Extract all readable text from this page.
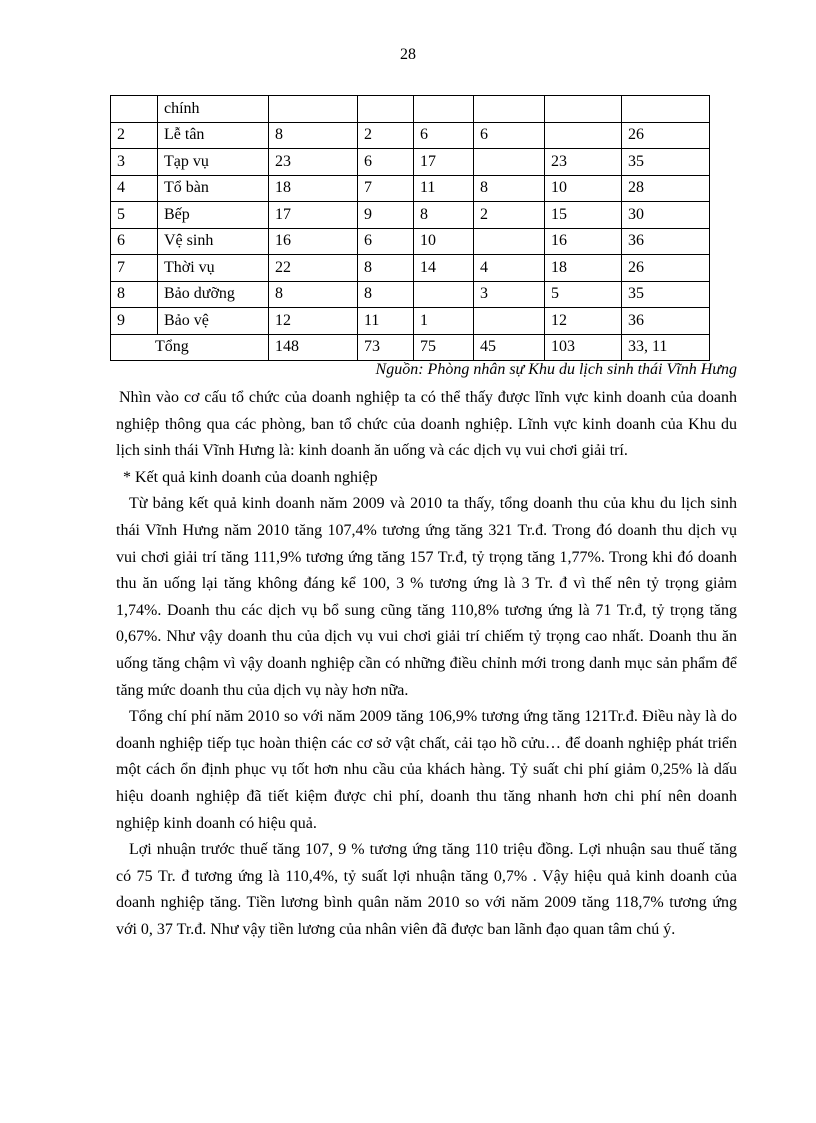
28
	chính						
2	Lễ tân	8	2	6	6		26
3	Tạp vụ	23	6	17		23	35
4	Tổ bàn	18	7	11	8	10	28
5	Bếp	17	9	8	2	15	30
6	Vệ sinh	16	6	10		16	36
7	Thời vụ	22	8	14	4	18	26
8	Bảo dưỡng	8	8		3	5	35
9	Bảo vệ	12	11	1		12	36
Tổng		148	73	75	45	103	33, 11
Nguồn: Phòng nhân sự Khu du lịch sinh thái Vĩnh Hưng

Nhìn vào cơ cấu tổ chức của doanh nghiệp ta có thể thấy được lĩnh vực kinh doanh của doanh nghiệp thông qua các phòng, ban tổ chức của doanh nghiệp. Lĩnh vực kinh doanh của Khu du lịch sinh thái Vĩnh Hưng là: kinh doanh ăn uống và các dịch vụ vui chơi giải trí.

* Kết quả kinh doanh của doanh nghiệp

Từ bảng kết quả kinh doanh năm 2009 và 2010 ta thấy, tổng doanh thu của khu du lịch sinh thái Vĩnh Hưng năm 2010 tăng 107,4% tương ứng tăng 321 Tr.đ. Trong đó doanh thu dịch vụ vui chơi giải trí tăng 111,9% tương ứng tăng 157 Tr.đ, tỷ trọng tăng 1,77%. Trong khi đó doanh thu ăn uống lại tăng không đáng kể 100, 3 % tương ứng là 3 Tr. đ vì thế nên tỷ trọng giảm 1,74%. Doanh thu các dịch vụ bổ sung cũng tăng 110,8% tương ứng là 71 Tr.đ, tỷ trọng tăng 0,67%. Như vậy doanh thu của dịch vụ vui chơi giải trí chiếm tỷ trọng cao nhất. Doanh thu ăn uống tăng chậm vì vậy doanh nghiệp cần có những điều chỉnh mới trong danh mục sản phẩm để tăng mức doanh thu của dịch vụ này hơn nữa.

Tổng chí phí năm 2010 so với năm 2009 tăng 106,9% tương ứng tăng 121Tr.đ. Điều này là do doanh nghiệp tiếp tục hoàn thiện các cơ sở vật chất, cải tạo hồ cửu… để doanh nghiệp phát triển một cách ổn định phục vụ tốt hơn nhu cầu của khách hàng. Tỷ suất chi phí giảm 0,25% là dấu hiệu doanh nghiệp đã tiết kiệm được chi phí, doanh thu tăng nhanh hơn chi phí nên doanh nghiệp kinh doanh có hiệu quả.

Lợi nhuận trước thuế tăng 107, 9 % tương ứng tăng 110 triệu đồng. Lợi nhuận sau thuế tăng có 75 Tr. đ tương ứng là 110,4%, tỷ suất lợi nhuận tăng 0,7% . Vậy hiệu quả kinh doanh của doanh nghiệp tăng. Tiền lương bình quân năm 2010 so với năm 2009 tăng 118,7% tương ứng với 0, 37 Tr.đ. Như vậy tiền lương của nhân viên đã được ban lãnh đạo quan tâm chú ý.
